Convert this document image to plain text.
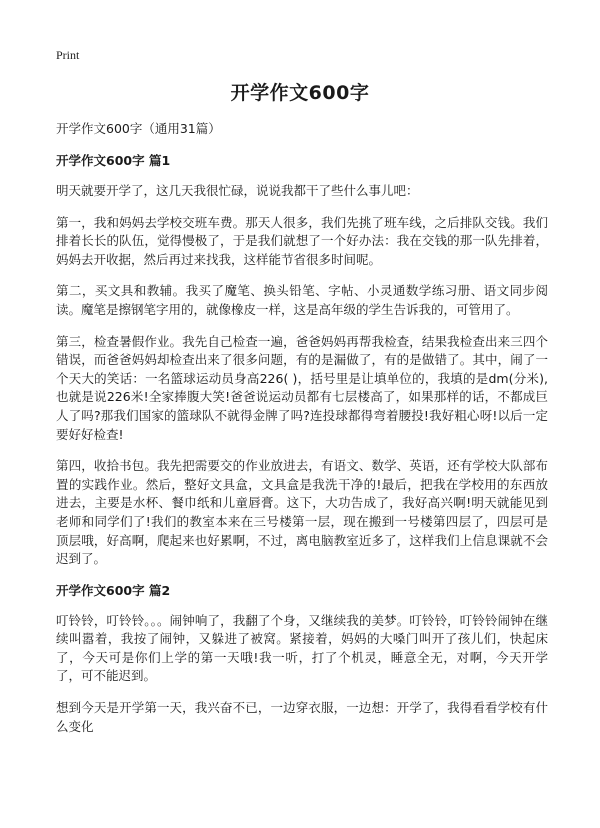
Print
开学作文600字
开学作文600字（通用31篇）
开学作文600字 篇1

明天就要开学了，这几天我很忙碌，说说我都干了些什么事儿吧：

第一，我和妈妈去学校交班车费。那天人很多，我们先挑了班车线，之后排队交钱。我们排着长长的队伍，觉得慢极了，于是我们就想了一个好办法：我在交钱的那一队先排着，妈妈去开收据，然后再过来找我，这样能节省很多时间呢。

第二，买文具和教辅。我买了魔笔、换头铅笔、字帖、小灵通数学练习册、语文同步阅读。魔笔是擦钢笔字用的，就像橡皮一样，这是高年级的学生告诉我的，可管用了。

第三，检查暑假作业。我先自己检查一遍，爸爸妈妈再帮我检查，结果我检查出来三四个错误，而爸爸妈妈却检查出来了很多问题，有的是漏做了，有的是做错了。其中，闹了一个天大的笑话：一名篮球运动员身高226( )，括号里是让填单位的，我填的是dm(分米),也就是说226米!全家捧腹大笑!爸爸说运动员都有七层楼高了，如果那样的话，不都成巨人了吗?那我们国家的篮球队不就得金牌了吗?连投球都得弯着腰投!我好粗心呀!以后一定要好好检查!

第四，收拾书包。我先把需要交的作业放进去，有语文、数学、英语，还有学校大队部布置的实践作业。然后，整好文具盒，文具盒是我洗干净的!最后，把我在学校用的东西放进去，主要是水杯、餐巾纸和儿童唇膏。这下，大功告成了，我好高兴啊!明天就能见到老师和同学们了!我们的教室本来在三号楼第一层，现在搬到一号楼第四层了，四层可是顶层哦，好高啊，爬起来也好累啊，不过，离电脑教室近多了，这样我们上信息课就不会迟到了。

开学作文600字 篇2

叮铃铃，叮铃铃。。。闹钟响了，我翻了个身，又继续我的美梦。叮铃铃，叮铃铃闹钟在继续叫嚣着，我按了闹钟，又躲进了被窝。紧接着，妈妈的大嗓门叫开了孩儿们，快起床了，今天可是你们上学的第一天哦!我一听，打了个机灵，睡意全无，对啊，今天开学了，可不能迟到。

想到今天是开学第一天，我兴奋不已，一边穿衣服，一边想：开学了，我得看看学校有什么变化
